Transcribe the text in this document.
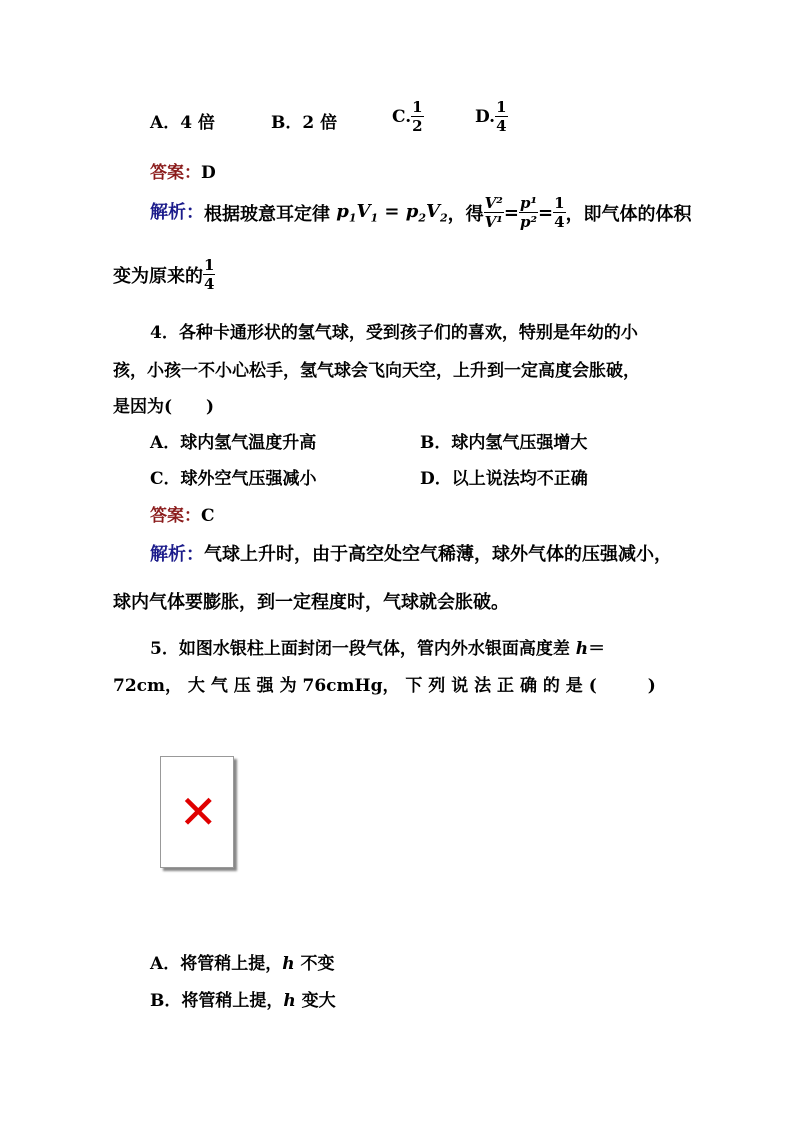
A．4 倍	B．2 倍	C. $\frac{1}{2}$	D. $\frac{1}{4}$
答案：D
解析：根据玻意耳定律 $p_1V_1 = p_2V_2$，得 $\frac{\text{V²}}{\text{V¹}} = \frac{\text{p¹}}{\text{p²}} = \frac{1}{4}$ ，即气体的体积
变为原来的 $\frac{1}{4}$
4．各种卡通形状的氢气球，受到孩子们的喜欢，特别是年幼的小
孩，小孩一不小心松手，氢气球会飞向天空，上升到一定高度会胀破，
是因为(　　)
A．球内氢气温度升高	B．球内氢气压强增大
C．球外空气压强减小	D．以上说法均不正确
答案：C
解析：气球上升时，由于高空处空气稀薄，球外气体的压强减小，
球内气体要膨胀，到一定程度时，气球就会胀破。
5．如图水银柱上面封闭一段气体，管内外水银面高度差 h＝
72cm， 大 气 压 强 为 76cmHg， 下 列 说 法 正 确 的 是 (　　　)
✕
A．将管稍上提，h 不变
B．将管稍上提，h 变大
